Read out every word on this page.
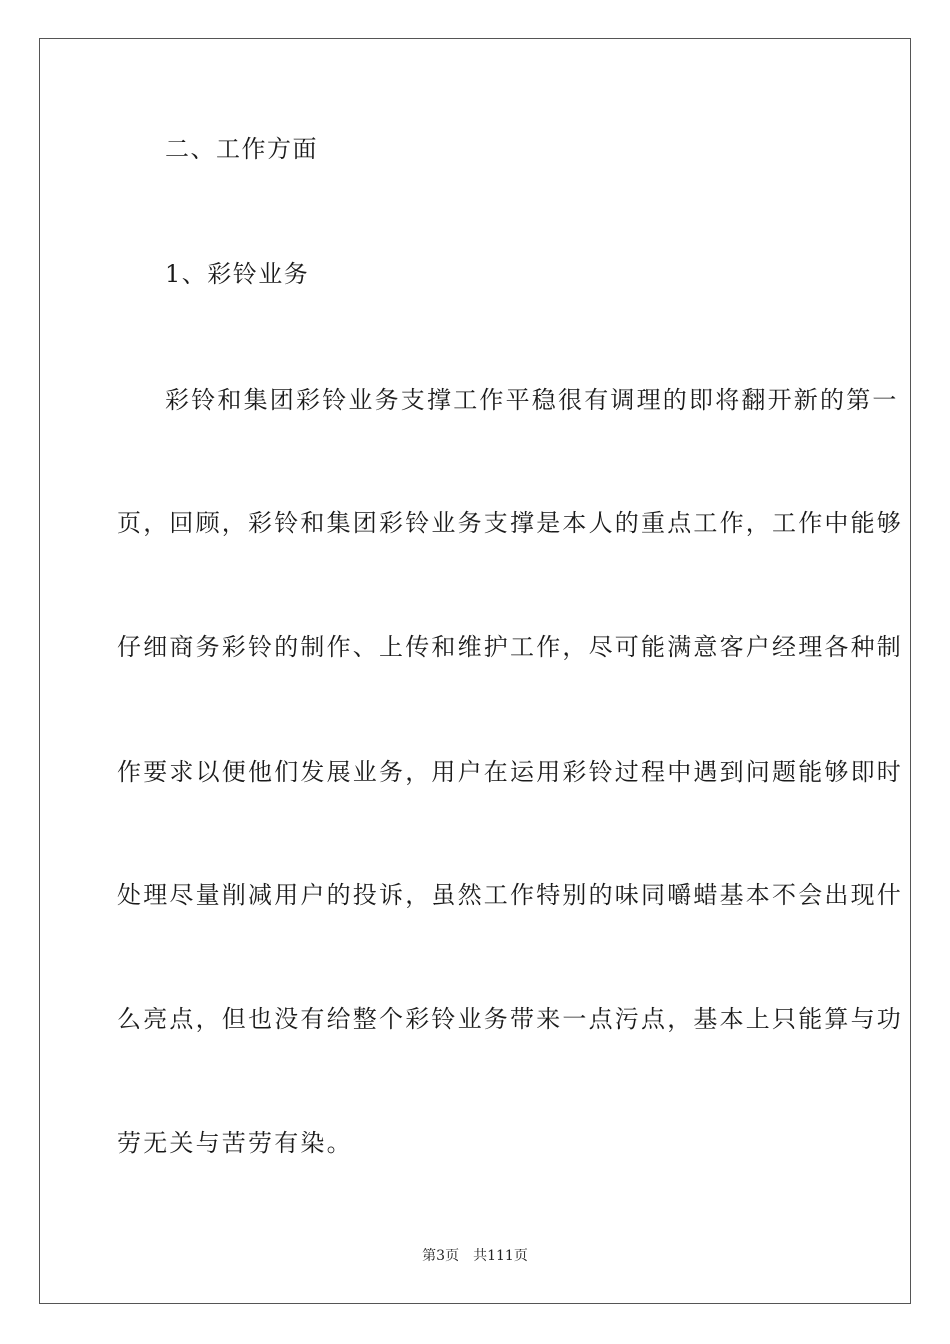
二、工作方面
1、彩铃业务
彩铃和集团彩铃业务支撑工作平稳很有调理的即将翻开新的第一
页，回顾，彩铃和集团彩铃业务支撑是本人的重点工作，工作中能够
仔细商务彩铃的制作、上传和维护工作，尽可能满意客户经理各种制
作要求以便他们发展业务，用户在运用彩铃过程中遇到问题能够即时
处理尽量削减用户的投诉，虽然工作特别的味同嚼蜡基本不会出现什
么亮点，但也没有给整个彩铃业务带来一点污点，基本上只能算与功
劳无关与苦劳有染。
第3页 共111页
